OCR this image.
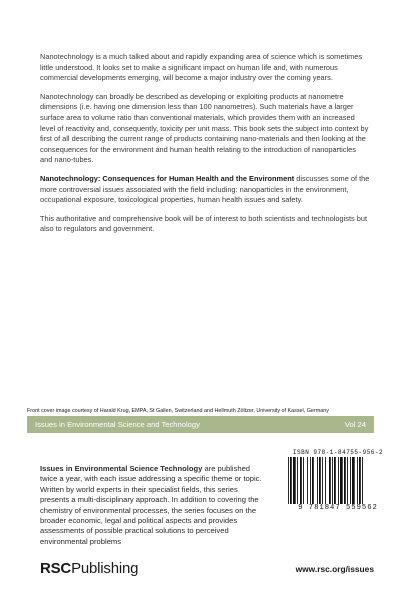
Nanotechnology is a much talked about and rapidly expanding area of science which is sometimes little understood. It looks set to make a significant impact on human life and, with numerous commercial developments emerging, will become a major industry over the coming years.

Nanotechnology can broadly be described as developing or exploiting products at nanometre dimensions (i.e. having one dimension less than 100 nanometres). Such materials have a larger surface area to volume ratio than conventional materials, which provides them with an increased level of reactivity and, consequently, toxicity per unit mass. This book sets the subject into context by first of all describing the current range of products containing nano-materials and then looking at the consequences for the environment and human health relating to the introduction of nanoparticles and nano-tubes.

Nanotechnology: Consequences for Human Health and the Environment discusses some of the more controversial issues associated with the field including: nanoparticles in the environment, occupational exposure, toxicological properties, human health issues and safety.

This authoritative and comprehensive book will be of interest to both scientists and technologists but also to regulators and government.

Front cover image courtesy of Harald Krug, EMPA, St Gallen, Switzerland and Hellmuth Zöltzer, University of Kassel, Germany
Issues in Environmental Science and Technology	Vol 24
Issues in Environmental Science Technology are published twice a year, with each issue addressing a specific theme or topic. Written by world experts in their specialist fields, this series presents a multi-disciplinary approach. In addition to covering the chemistry of environmental processes, the series focuses on the broader economic, legal and political aspects and provides assessments of possible practical solutions to perceived environmental problems
ISBN 978-1-84755-956-2
9 781847 559562
RSCPublishing	www.rsc.org/issues
